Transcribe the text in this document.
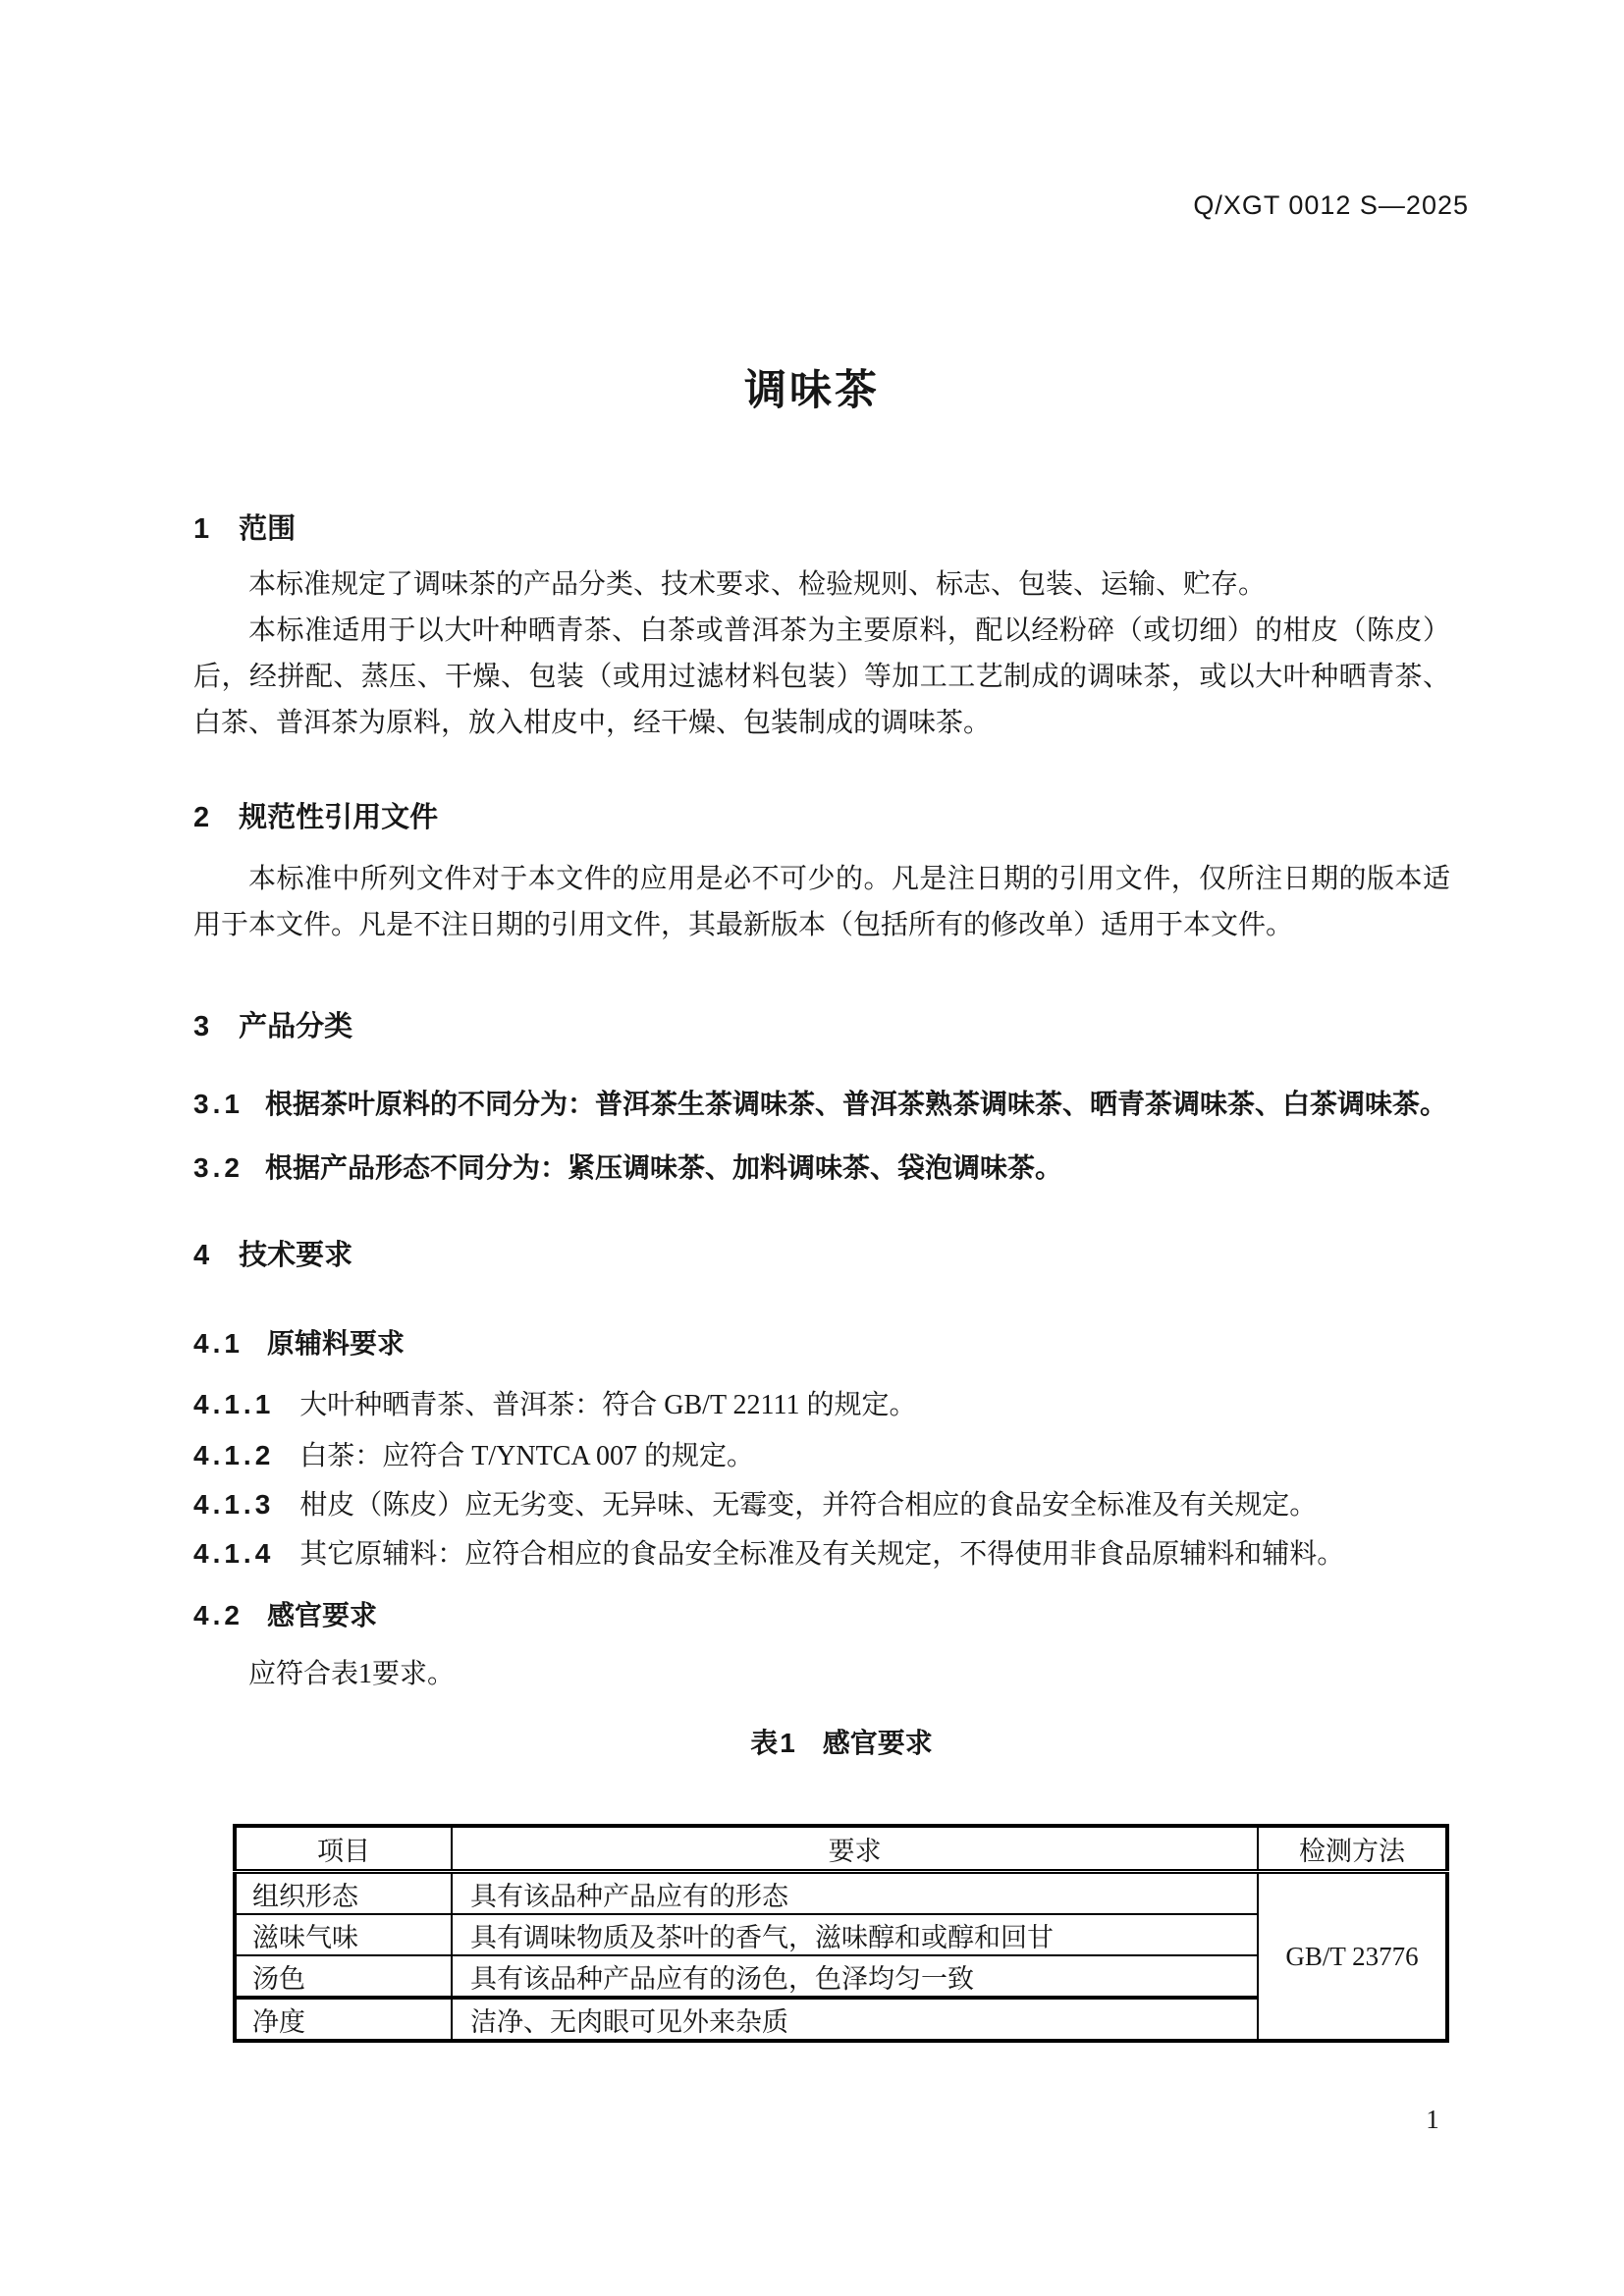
Q/XGT 0012 S—2025
调味茶
1 范围
本标准规定了调味茶的产品分类、技术要求、检验规则、标志、包装、运输、贮存。
本标准适用于以大叶种晒青茶、白茶或普洱茶为主要原料，配以经粉碎（或切细）的柑皮（陈皮）后，经拼配、蒸压、干燥、包装（或用过滤材料包装）等加工工艺制成的调味茶，或以大叶种晒青茶、白茶、普洱茶为原料，放入柑皮中，经干燥、包装制成的调味茶。
2 规范性引用文件
本标准中所列文件对于本文件的应用是必不可少的。凡是注日期的引用文件，仅所注日期的版本适用于本文件。凡是不注日期的引用文件，其最新版本（包括所有的修改单）适用于本文件。
3 产品分类
3.1 根据茶叶原料的不同分为：普洱茶生茶调味茶、普洱茶熟茶调味茶、晒青茶调味茶、白茶调味茶。
3.2 根据产品形态不同分为：紧压调味茶、加料调味茶、袋泡调味茶。
4 技术要求
4.1 原辅料要求
4.1.1 大叶种晒青茶、普洱茶：符合 GB/T 22111 的规定。
4.1.2 白茶：应符合 T/YNTCA 007 的规定。
4.1.3 柑皮（陈皮）应无劣变、无异味、无霉变，并符合相应的食品安全标准及有关规定。
4.1.4 其它原辅料：应符合相应的食品安全标准及有关规定，不得使用非食品原辅料和辅料。
4.2 感官要求
应符合表1要求。
表1 感官要求
项目	要求	检测方法
组织形态	具有该品种产品应有的形态	GB/T 23776
滋味气味	具有调味物质及茶叶的香气，滋味醇和或醇和回甘	
汤色	具有该品种产品应有的汤色，色泽均匀一致	
净度	洁净、无肉眼可见外来杂质	
1
